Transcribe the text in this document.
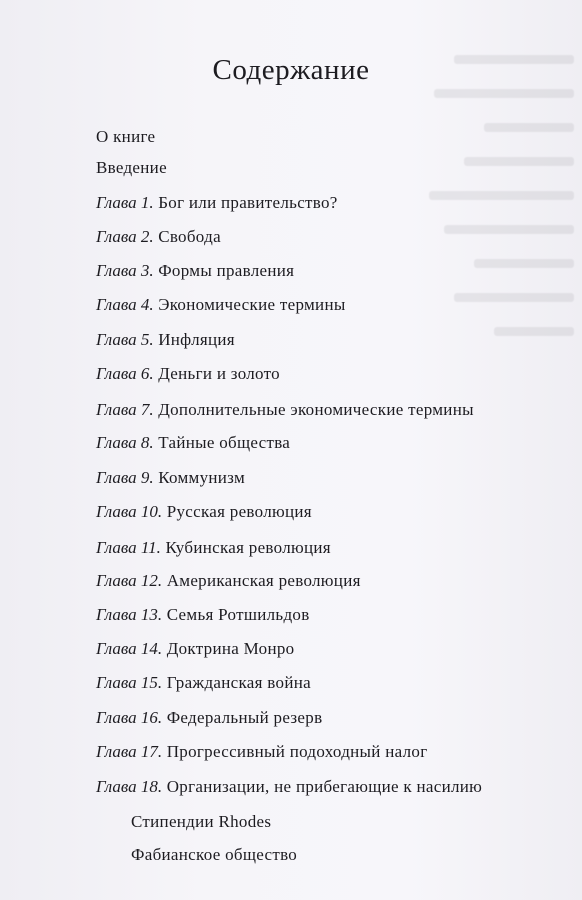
Содержание
О книге
Введение
Глава 1. Бог или правительство?
Глава 2. Свобода
Глава 3. Формы правления
Глава 4. Экономические термины
Глава 5. Инфляция
Глава 6. Деньги и золото
Глава 7. Дополнительные экономические термины
Глава 8. Тайные общества
Глава 9. Коммунизм
Глава 10. Русская революция
Глава 11. Кубинская революция
Глава 12. Американская революция
Глава 13. Семья Ротшильдов
Глава 14. Доктрина Монро
Глава 15. Гражданская война
Глава 16. Федеральный резерв
Глава 17. Прогрессивный подоходный налог
Глава 18. Организации, не прибегающие к насилию
Стипендии Rhodes
Фабианское общество
